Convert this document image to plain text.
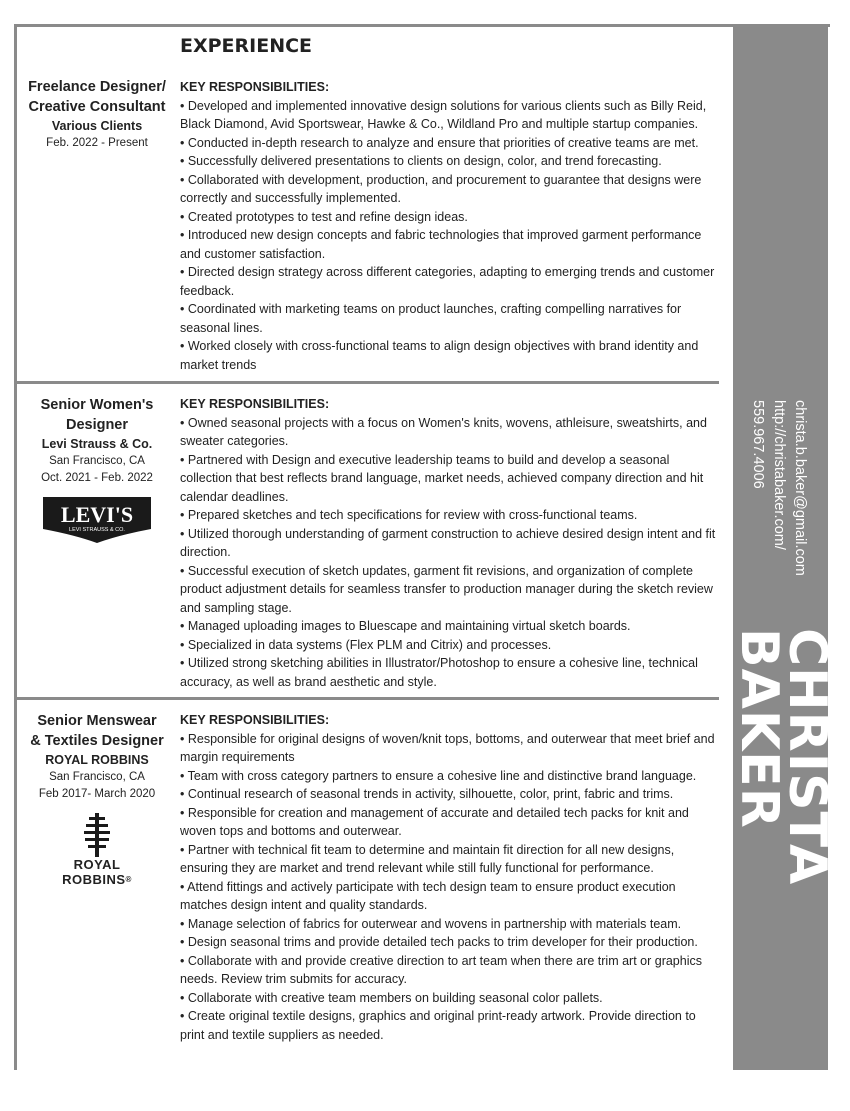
christa.b.baker@gmail.com
http://christabaker.com/
559.967.4006
CHRISTA
BAKER
EXPERIENCE
Freelance Designer/
Creative Consultant
Various Clients
Feb. 2022 - Present
KEY RESPONSIBILITIES:

• Developed and implemented innovative design solutions for various clients such as Billy Reid, Black Diamond, Avid Sportswear, Hawke & Co., Wildland Pro and multiple startup companies.

• Conducted in-depth research to analyze and ensure that priorities of creative teams are met.

• Successfully delivered presentations to clients on design, color, and trend forecasting.

• Collaborated with development, production, and procurement to guarantee that designs were correctly and successfully implemented.

• Created prototypes to test and refine design ideas.

• Introduced new design concepts and fabric technologies that improved garment performance and customer satisfaction.

• Directed design strategy across different categories, adapting to emerging trends and customer feedback.

• Coordinated with marketing teams on product launches, crafting compelling narratives for seasonal lines.

• Worked closely with cross-functional teams to align design objectives with brand identity and market trends

Senior Women's
Designer
Levi Strauss & Co.
San Francisco, CA
Oct. 2021 - Feb. 2022
LEVI'S
LEVI STRAUSS & CO.
KEY RESPONSIBILITIES:

• Owned seasonal projects with a focus on Women's knits, wovens, athleisure, sweatshirts, and sweater categories.

• Partnered with Design and executive leadership teams to build and develop a seasonal collection that best reflects brand language, market needs, achieved company direction and hit calendar deadlines.

• Prepared sketches and tech specifications for review with cross-functional teams.

• Utilized thorough understanding of garment construction to achieve desired design intent and fit direction.

• Successful execution of sketch updates, garment fit revisions, and organization of complete product adjustment details for seamless transfer to production manager during the sketch review and sampling stage.

• Managed uploading images to Bluescape and maintaining virtual sketch boards.

• Specialized in data systems (Flex PLM and Citrix) and processes.

• Utilized strong sketching abilities in Illustrator/Photoshop to ensure a cohesive line, technical accuracy, as well as brand aesthetic and style.

Senior Menswear
& Textiles Designer
ROYAL ROBBINS
San Francisco, CA
Feb 2017- March 2020
ROYAL
ROBBINS®
KEY RESPONSIBILITIES:

• Responsible for original designs of woven/knit tops, bottoms, and outerwear that meet brief and margin requirements

• Team with cross category partners to ensure a cohesive line and distinctive brand language.

• Continual research of seasonal trends in activity, silhouette, color, print, fabric and trims.

• Responsible for creation and management of accurate and detailed tech packs for knit and woven tops and bottoms and outerwear.

• Partner with technical fit team to determine and maintain fit direction for all new designs, ensuring they are market and trend relevant while still fully functional for performance.

• Attend fittings and actively participate with tech design team to ensure product execution matches design intent and quality standards.

• Manage selection of fabrics for outerwear and wovens in partnership with materials team.

• Design seasonal trims and provide detailed tech packs to trim developer for their production.

• Collaborate with and provide creative direction to art team when there are trim art or graphics needs. Review trim submits for accuracy.

• Collaborate with creative team members on building seasonal color pallets.

• Create original textile designs, graphics and original print-ready artwork. Provide direction to print and textile suppliers as needed.
